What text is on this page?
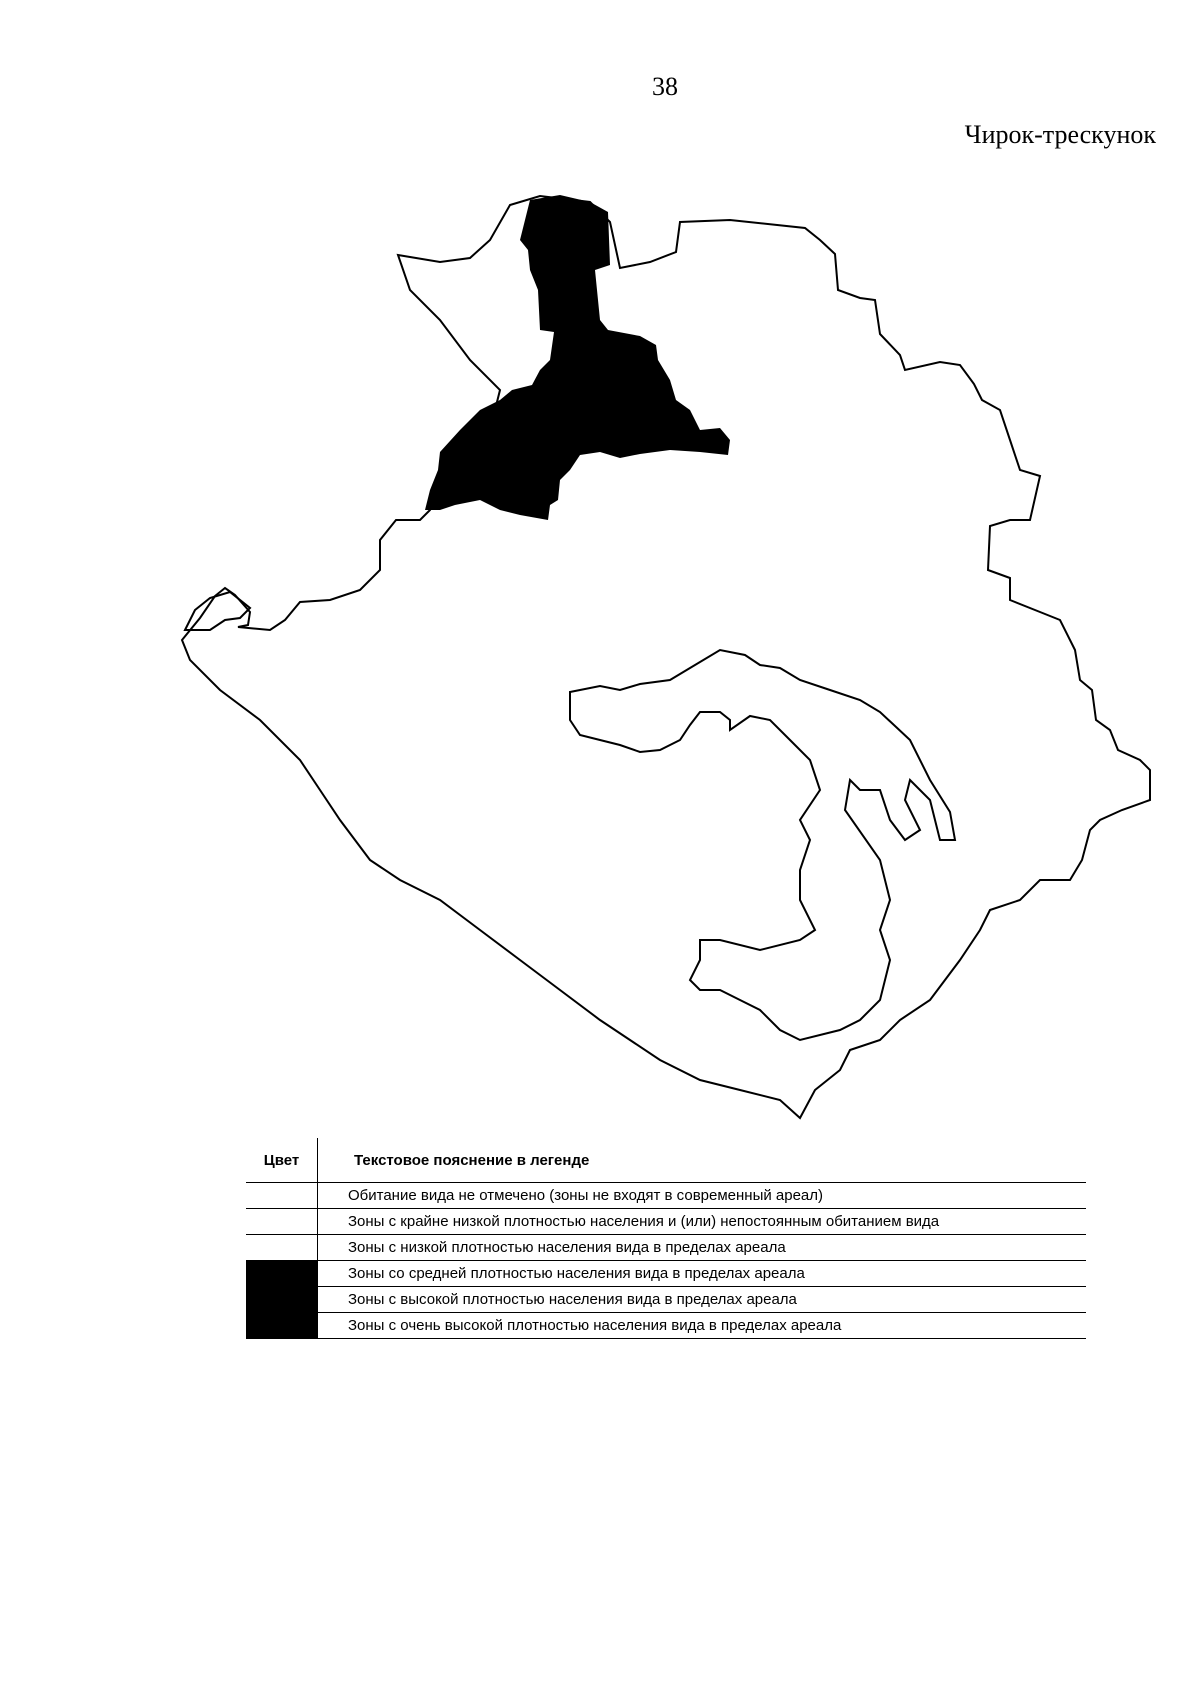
38
Чирок-трескунок
Цвет	Текстовое пояснение в легенде
Обитание вида не отмечено (зоны не входят в современный ареал)
Зоны с крайне низкой плотностью населения и (или) непостоянным обитанием вида
Зоны с низкой плотностью населения вида в пределах ареала
Зоны со средней плотностью населения вида в пределах ареала
Зоны с высокой плотностью населения вида в пределах ареала
Зоны с очень высокой плотностью населения вида в пределах ареала
